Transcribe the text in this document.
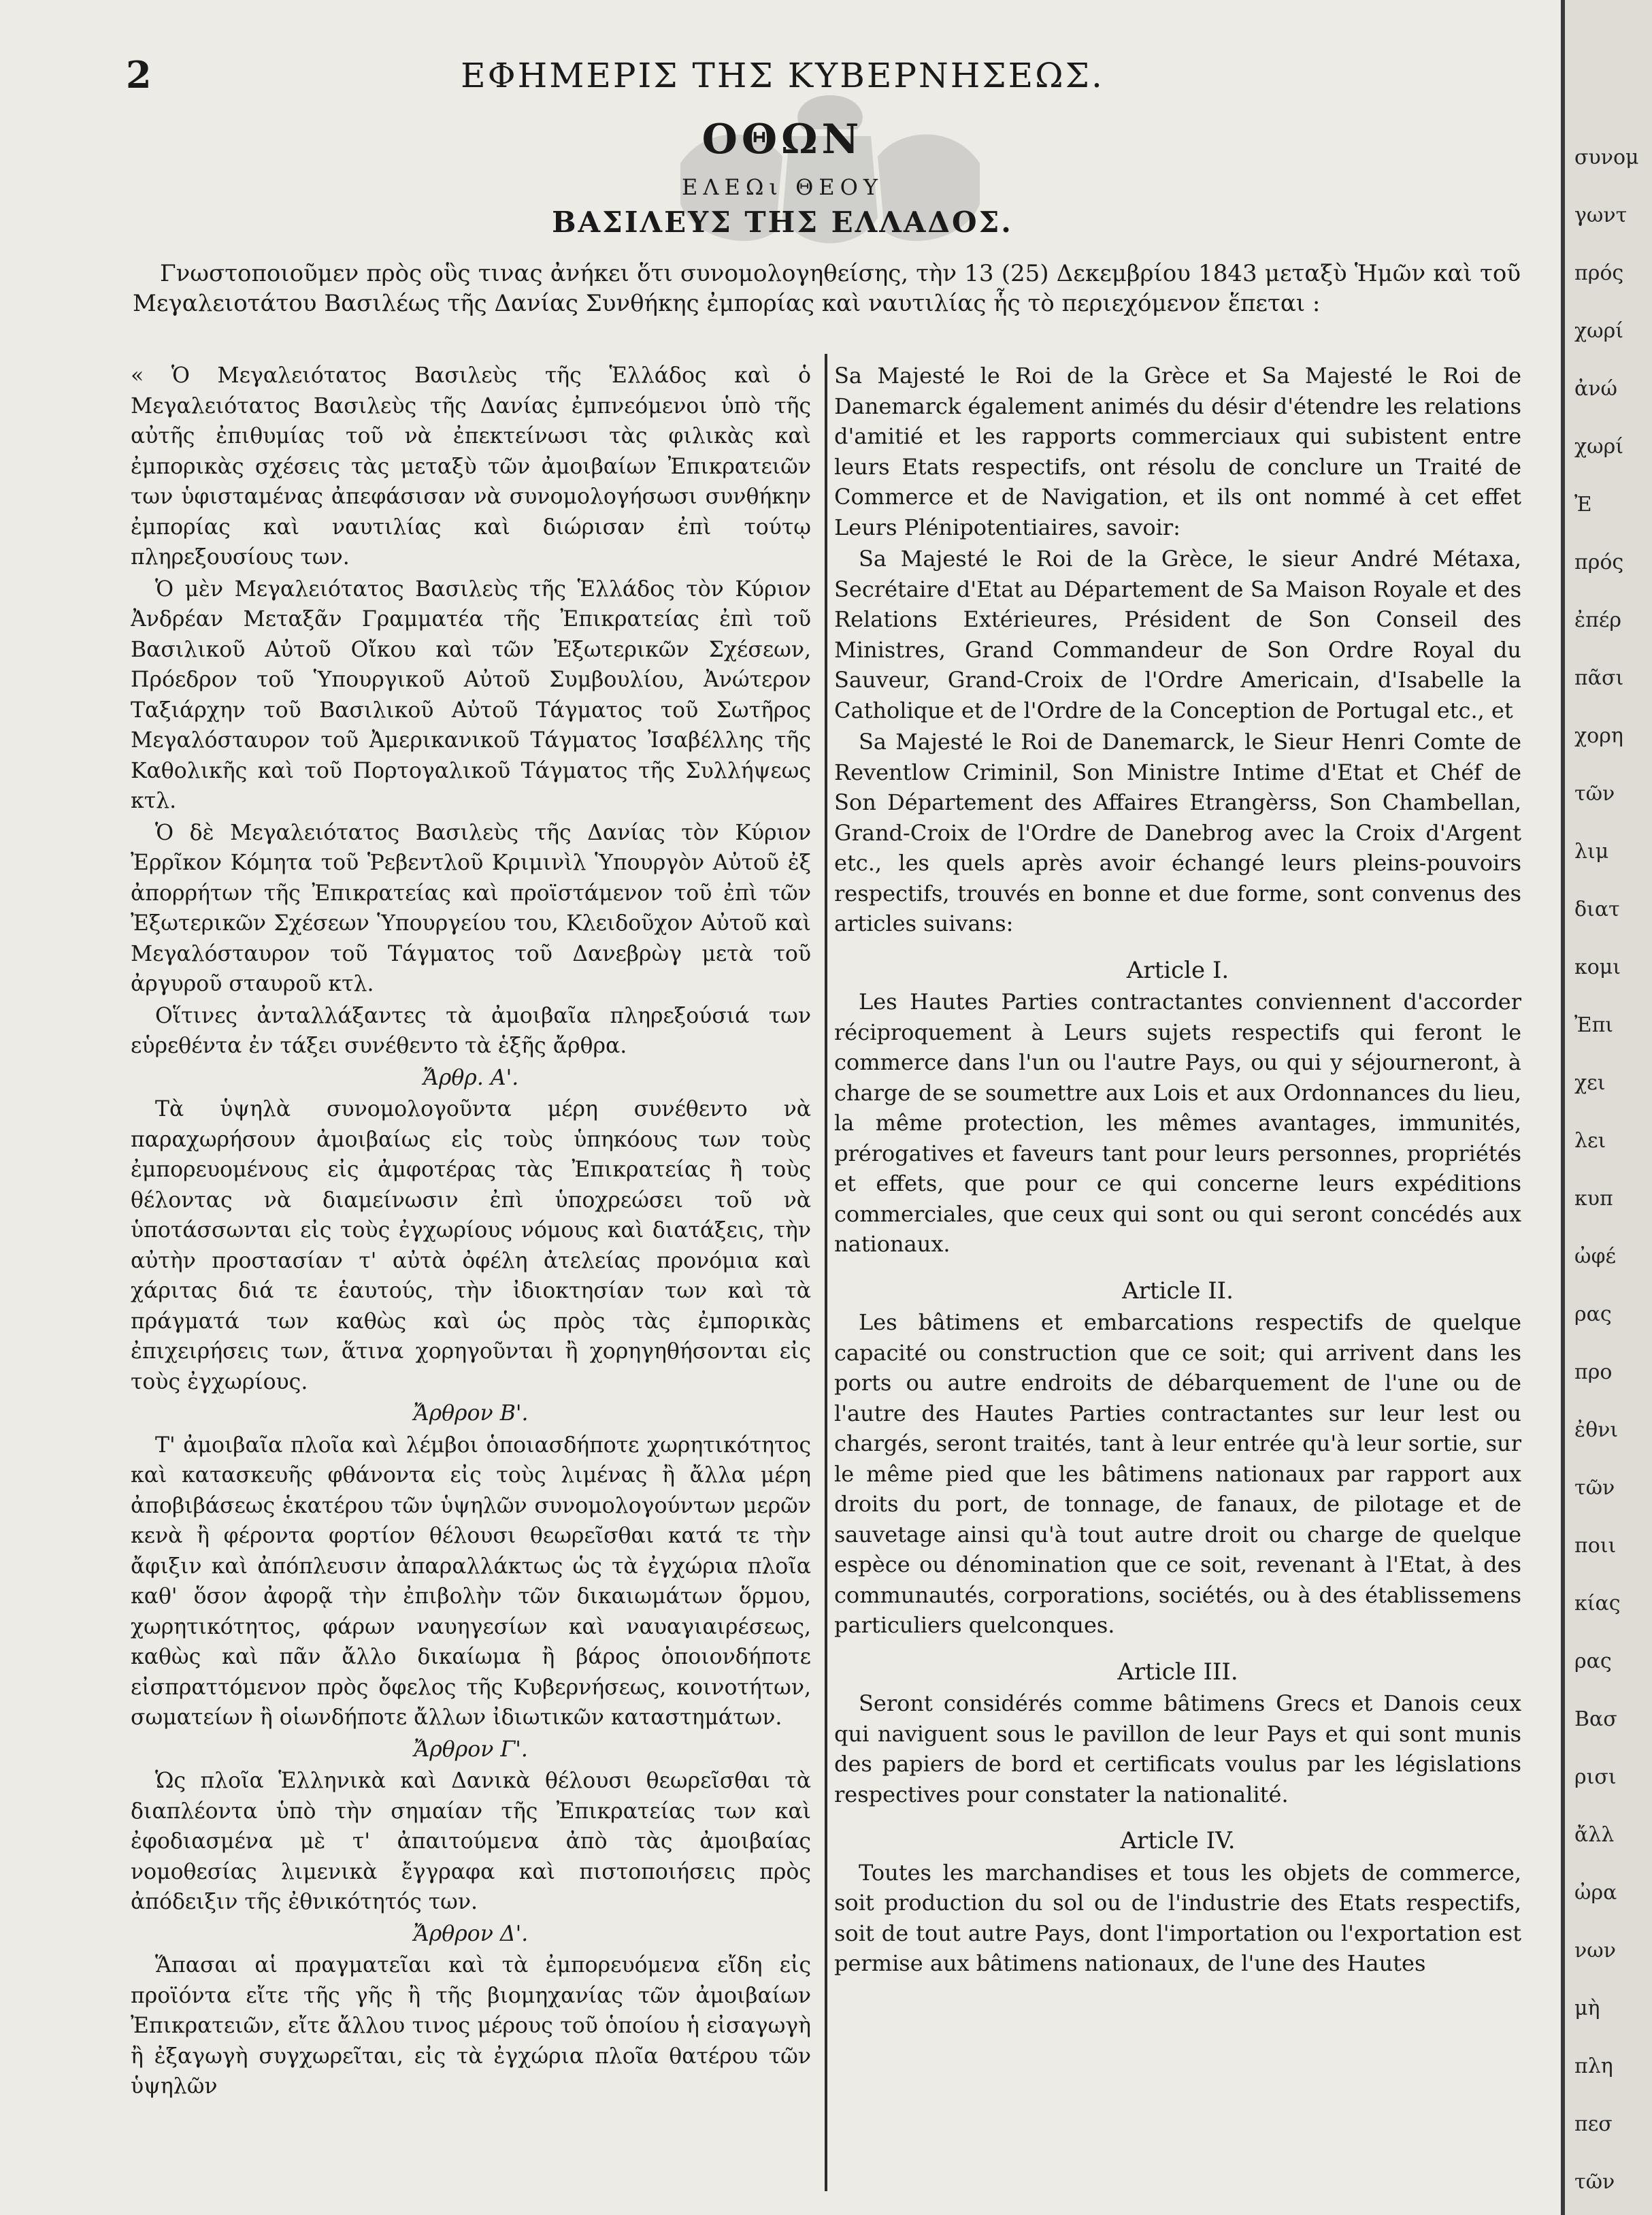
2	ΕΦΗΜΕΡΙΣ ΤΗΣ ΚΥΒΕΡΝΗΣΕΩΣ.
ΟΘΩΝ
ΕΛΕΩι ΘΕΟΥ
ΒΑΣΙΛΕΥΣ ΤΗΣ ΕΛΛΑΔΟΣ.
Γνωστοποιοῦμεν πρὸς οὓς τινας ἀνήκει ὅτι συνομολογηθείσης, τὴν 13 (25) Δεκεμβρίου 1843 μεταξὺ Ἡμῶν καὶ τοῦ Μεγαλειοτάτου Βασιλέως τῆς Δανίας Συνθήκης ἐμπορίας καὶ ναυτιλίας ἧς τὸ περιεχόμενον ἕπεται :

« Ὁ Μεγαλειότατος Βασιλεὺς τῆς Ἑλλάδος καὶ ὁ Μεγαλειότατος Βασιλεὺς τῆς Δανίας ἐμπνεόμενοι ὑπὸ τῆς αὐτῆς ἐπιθυμίας τοῦ νὰ ἐπεκτείνωσι τὰς φιλικὰς καὶ ἐμπορικὰς σχέσεις τὰς μεταξὺ τῶν ἀμοιβαίων Ἐπικρατειῶν των ὑφισταμένας ἀπεφάσισαν νὰ συνομολογήσωσι συνθήκην ἐμπορίας καὶ ναυτιλίας καὶ διώρισαν ἐπὶ τούτῳ πληρεξουσίους των.

Ὁ μὲν Μεγαλειότατος Βασιλεὺς τῆς Ἑλλάδος τὸν Κύριον Ἀνδρέαν Μεταξᾶν Γραμματέα τῆς Ἐπικρατείας ἐπὶ τοῦ Βασιλικοῦ Αὐτοῦ Οἴκου καὶ τῶν Ἐξωτερικῶν Σχέσεων, Πρόεδρον τοῦ Ὑπουργικοῦ Αὐτοῦ Συμβουλίου, Ἀνώτερον Ταξιάρχην τοῦ Βασιλικοῦ Αὐτοῦ Τάγματος τοῦ Σωτῆρος Μεγαλόσταυρον τοῦ Ἀμερικανικοῦ Τάγματος Ἰσαβέλλης τῆς Καθολικῆς καὶ τοῦ Πορτογαλικοῦ Τάγματος τῆς Συλλήψεως κτλ.

Ὁ δὲ Μεγαλειότατος Βασιλεὺς τῆς Δανίας τὸν Κύριον Ἐρρῖκον Κόμητα τοῦ Ῥεβεντλοῦ Κριμινὶλ Ὑπουργὸν Αὐτοῦ ἐξ ἀπορρήτων τῆς Ἐπικρατείας καὶ προϊστάμενον τοῦ ἐπὶ τῶν Ἐξωτερικῶν Σχέσεων Ὑπουργείου του, Κλειδοῦχον Αὐτοῦ καὶ Μεγαλόσταυρον τοῦ Τάγματος τοῦ Δανεβρὼγ μετὰ τοῦ ἀργυροῦ σταυροῦ κτλ.

Οἵτινες ἀνταλλάξαντες τὰ ἀμοιβαῖα πληρεξούσιά των εὑρεθέντα ἐν τάξει συνέθεντο τὰ ἑξῆς ἄρθρα.

Ἄρθρ. Α'.

Τὰ ὑψηλὰ συνομολογοῦντα μέρη συνέθεντο νὰ παραχωρήσουν ἀμοιβαίως εἰς τοὺς ὑπηκόους των τοὺς ἐμπορευομένους εἰς ἀμφοτέρας τὰς Ἐπικρατείας ἢ τοὺς θέλοντας νὰ διαμείνωσιν ἐπὶ ὑποχρεώσει τοῦ νὰ ὑποτάσσωνται εἰς τοὺς ἐγχωρίους νόμους καὶ διατάξεις, τὴν αὐτὴν προστασίαν τ' αὐτὰ ὀφέλη ἀτελείας προνόμια καὶ χάριτας διά τε ἑαυτούς, τὴν ἰδιοκτησίαν των καὶ τὰ πράγματά των καθὼς καὶ ὡς πρὸς τὰς ἐμπορικὰς ἐπιχειρήσεις των, ἅτινα χορηγοῦνται ἢ χορηγηθήσονται εἰς τοὺς ἐγχωρίους.

Ἄρθρον Β'.

Τ' ἀμοιβαῖα πλοῖα καὶ λέμβοι ὁποιασδήποτε χωρητικότητος καὶ κατασκευῆς φθάνοντα εἰς τοὺς λιμένας ἢ ἄλλα μέρη ἀποβιβάσεως ἑκατέρου τῶν ὑψηλῶν συνομολογούντων μερῶν κενὰ ἢ φέροντα φορτίον θέλουσι θεωρεῖσθαι κατά τε τὴν ἄφιξιν καὶ ἀπόπλευσιν ἀπαραλλάκτως ὡς τὰ ἐγχώρια πλοῖα καθ' ὅσον ἀφορᾷ τὴν ἐπιβολὴν τῶν δικαιωμάτων ὅρμου, χωρητικότητος, φάρων ναυηγεσίων καὶ ναυαγιαιρέσεως, καθὼς καὶ πᾶν ἄλλο δικαίωμα ἢ βάρος ὁποιονδήποτε εἰσπραττόμενον πρὸς ὄφελος τῆς Κυβερνήσεως, κοινοτήτων, σωματείων ἢ οἱωνδήποτε ἄλλων ἰδιωτικῶν καταστημάτων.

Ἄρθρον Γ'.

Ὡς πλοῖα Ἑλληνικὰ καὶ Δανικὰ θέλουσι θεωρεῖσθαι τὰ διαπλέοντα ὑπὸ τὴν σημαίαν τῆς Ἐπικρατείας των καὶ ἐφοδιασμένα μὲ τ' ἀπαιτούμενα ἀπὸ τὰς ἀμοιβαίας νομοθεσίας λιμενικὰ ἔγγραφα καὶ πιστοποιήσεις πρὸς ἀπόδειξιν τῆς ἐθνικότητός των.

Ἄρθρον Δ'.

Ἅπασαι αἱ πραγματεῖαι καὶ τὰ ἐμπορευόμενα εἴδη εἰς προϊόντα εἴτε τῆς γῆς ἢ τῆς βιομηχανίας τῶν ἀμοιβαίων Ἐπικρατειῶν, εἴτε ἄλλου τινος μέρους τοῦ ὁποίου ἡ εἰσαγωγὴ ἢ ἐξαγωγὴ συγχωρεῖται, εἰς τὰ ἐγχώρια πλοῖα θατέρου τῶν ὑψηλῶν

Sa Majesté le Roi de la Grèce et Sa Majesté le Roi de Danemarck également animés du désir d'étendre les relations d'amitié et les rapports commerciaux qui subistent entre leurs Etats respectifs, ont résolu de conclure un Traité de Commerce et de Navigation, et ils ont nommé à cet effet Leurs Plénipotentiaires, savoir:

Sa Majesté le Roi de la Grèce, le sieur André Métaxa, Secrétaire d'Etat au Département de Sa Maison Royale et des Relations Extérieures, Président de Son Conseil des Ministres, Grand Commandeur de Son Ordre Royal du Sauveur, Grand-Croix de l'Ordre Americain, d'Isabelle la Catholique et de l'Ordre de la Conception de Portugal etc., et

Sa Majesté le Roi de Danemarck, le Sieur Henri Comte de Reventlow Criminil, Son Ministre Intime d'Etat et Chéf de Son Département des Affaires Etrangèrss, Son Chambellan, Grand-Croix de l'Ordre de Danebrog avec la Croix d'Argent etc., les quels après avoir échangé leurs pleins-pouvoirs respectifs, trouvés en bonne et due forme, sont convenus des articles suivans:

Article I.

Les Hautes Parties contractantes conviennent d'accorder réciproquement à Leurs sujets respectifs qui feront le commerce dans l'un ou l'autre Pays, ou qui y séjourneront, à charge de se soumettre aux Lois et aux Ordonnances du lieu, la même protection, les mêmes avantages, immunités, prérogatives et faveurs tant pour leurs personnes, propriétés et effets, que pour ce qui concerne leurs expéditions commerciales, que ceux qui sont ou qui seront concédés aux nationaux.

Article II.

Les bâtimens et embarcations respectifs de quelque capacité ou construction que ce soit; qui arrivent dans les ports ou autre endroits de débarquement de l'une ou de l'autre des Hautes Parties contractantes sur leur lest ou chargés, seront traités, tant à leur entrée qu'à leur sortie, sur le même pied que les bâtimens nationaux par rapport aux droits du port, de tonnage, de fanaux, de pilotage et de sauvetage ainsi qu'à tout autre droit ou charge de quelque espèce ou dénomination que ce soit, revenant à l'Etat, à des communautés, corporations, sociétés, ou à des établissemens particuliers quelconques.

Article III.

Seront considérés comme bâtimens Grecs et Danois ceux qui naviguent sous le pavillon de leur Pays et qui sont munis des papiers de bord et certificats voulus par les législations respectives pour constater la nationalité.

Article IV.

Toutes les marchandises et tous les objets de commerce, soit production du sol ou de l'industrie des Etats respectifs, soit de tout autre Pays, dont l'importation ou l'exportation est permise aux bâtimens nationaux, de l'une des Hautes

συνομ
γωντ
πρός
χωρί
ἀνώ
χωρί
Ἐ
πρός
ἐπέρ
πᾶσι
χορη
τῶν
λιμ
διατ
κομι
Ἐπι
χει
λει
κυπ
ὠφέ
ρας
προ
ἐθνι
τῶν
ποιι
κίας
ρας
Βασ
ρισι
ἄλλ
ὠρα
νων
μὴ
πλη
πεσ
τῶν
